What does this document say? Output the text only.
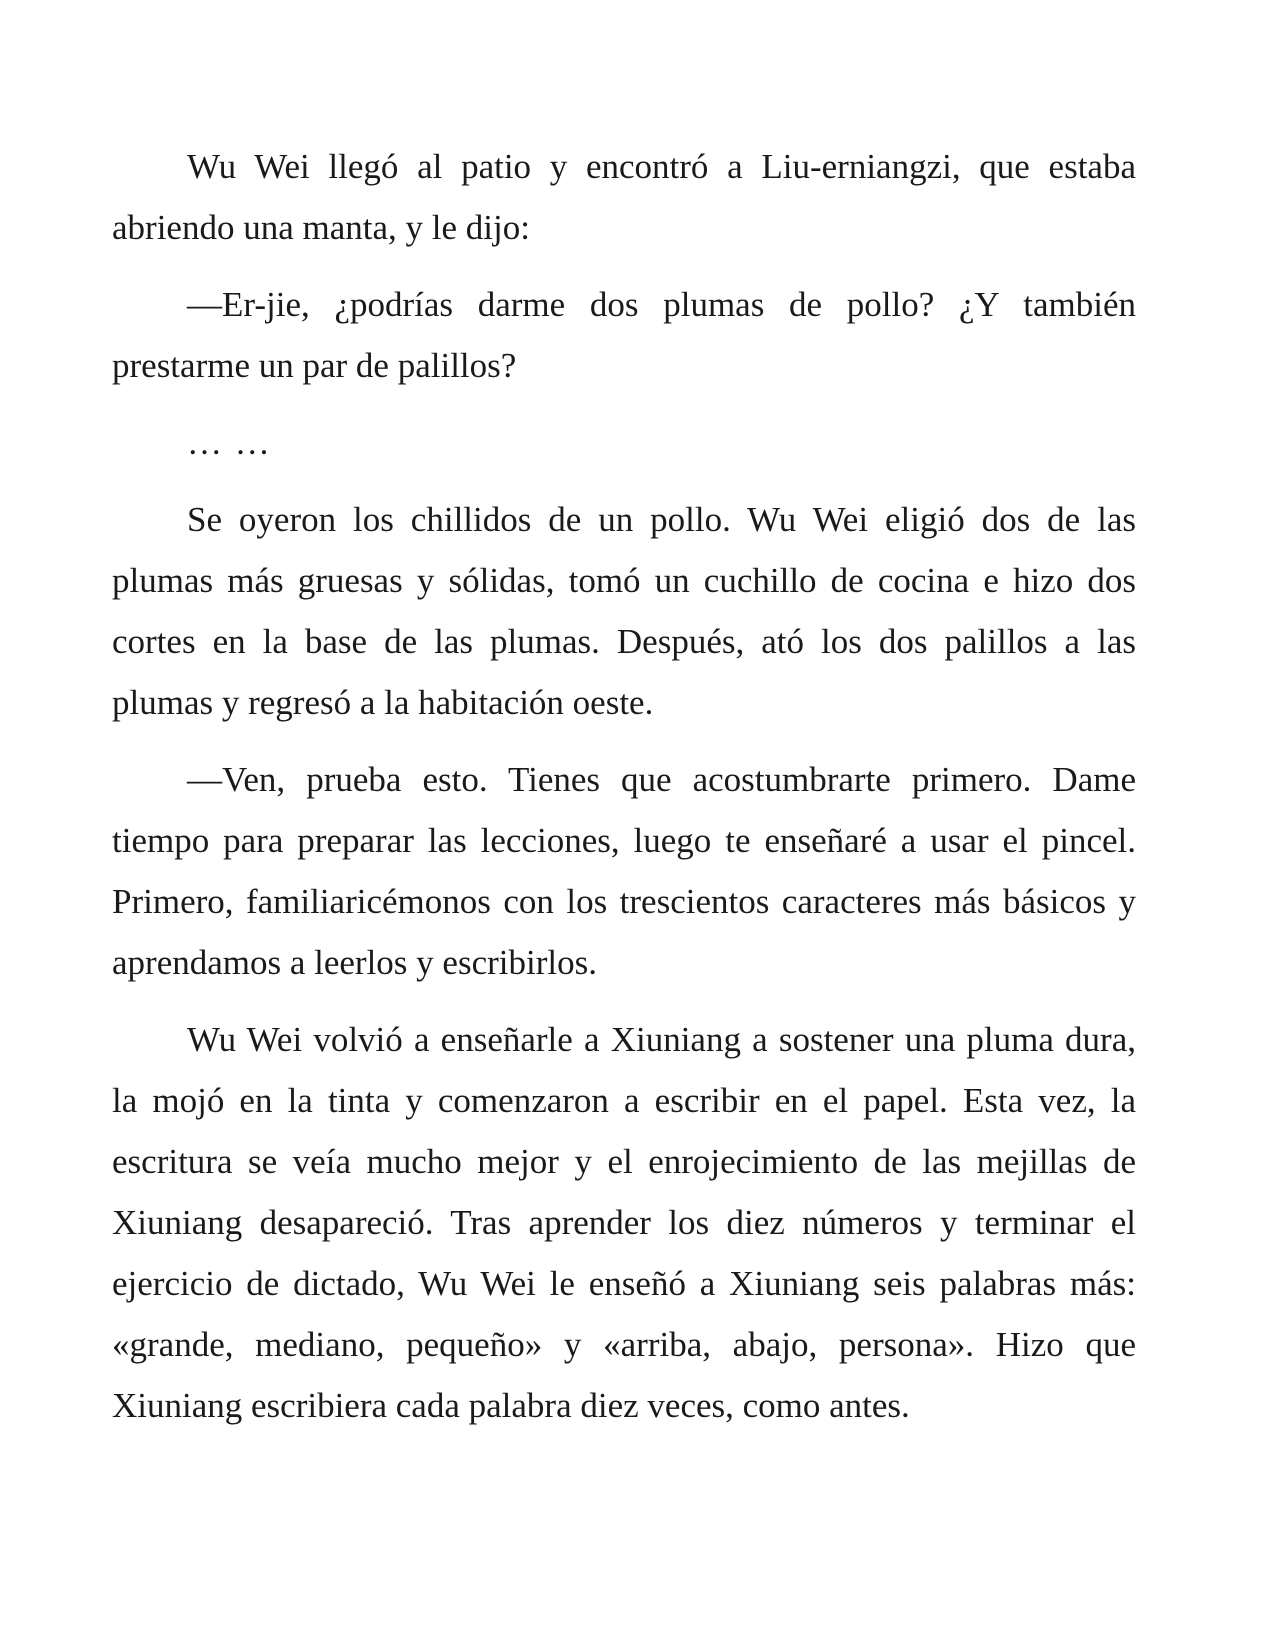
Wu Wei llegó al patio y encontró a Liu-erniangzi, que estaba abriendo una manta, y le dijo:

—Er-jie, ¿podrías darme dos plumas de pollo? ¿Y también prestarme un par de palillos?

… …

Se oyeron los chillidos de un pollo. Wu Wei eligió dos de las plumas más gruesas y sólidas, tomó un cuchillo de cocina e hizo dos cortes en la base de las plumas. Después, ató los dos palillos a las plumas y regresó a la habitación oeste.

—Ven, prueba esto. Tienes que acostumbrarte primero. Dame tiempo para preparar las lecciones, luego te enseñaré a usar el pincel. Primero, familiaricémonos con los trescientos caracteres más básicos y aprendamos a leerlos y escribirlos.

Wu Wei volvió a enseñarle a Xiuniang a sostener una pluma dura, la mojó en la tinta y comenzaron a escribir en el papel. Esta vez, la escritura se veía mucho mejor y el enrojecimiento de las mejillas de Xiuniang desapareció. Tras aprender los diez números y terminar el ejercicio de dictado, Wu Wei le enseñó a Xiuniang seis palabras más: «grande, mediano, pequeño» y «arriba, abajo, persona». Hizo que Xiuniang escribiera cada palabra diez veces, como antes.
